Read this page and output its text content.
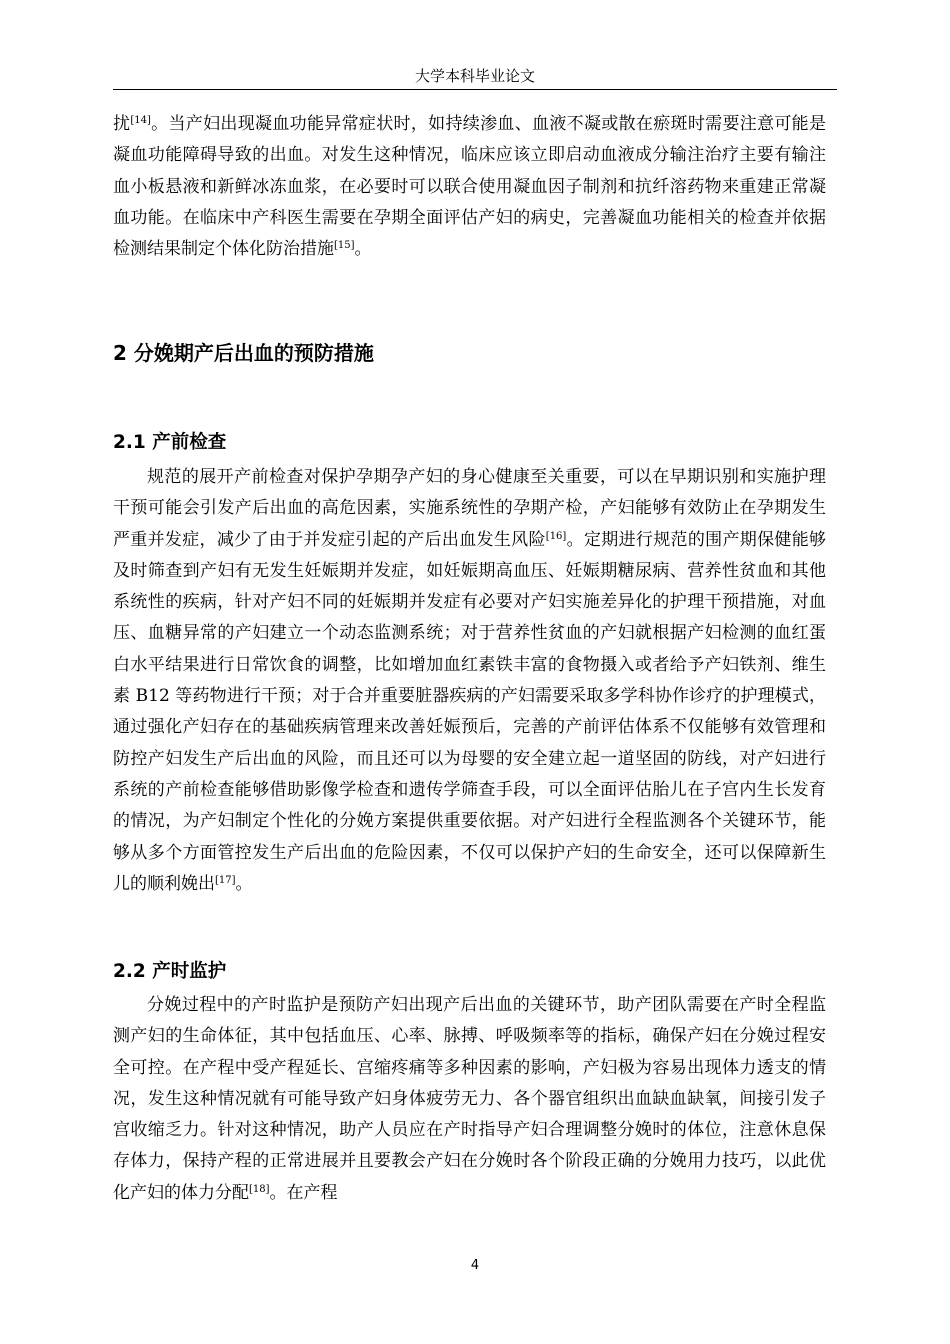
大学本科毕业论文

扰[14]。当产妇出现凝血功能异常症状时，如持续渗血、血液不凝或散在瘀斑时需要注意可能是凝血功能障碍导致的出血。对发生这种情况，临床应该立即启动血液成分输注治疗主要有输注血小板悬液和新鲜冰冻血浆，在必要时可以联合使用凝血因子制剂和抗纤溶药物来重建正常凝血功能。在临床中产科医生需要在孕期全面评估产妇的病史，完善凝血功能相关的检查并依据检测结果制定个体化防治措施[15]。

2 分娩期产后出血的预防措施
2.1 产前检查

规范的展开产前检查对保护孕期孕产妇的身心健康至关重要，可以在早期识别和实施护理干预可能会引发产后出血的高危因素，实施系统性的孕期产检，产妇能够有效防止在孕期发生严重并发症，减少了由于并发症引起的产后出血发生风险[16]。定期进行规范的围产期保健能够及时筛查到产妇有无发生妊娠期并发症，如妊娠期高血压、妊娠期糖尿病、营养性贫血和其他系统性的疾病，针对产妇不同的妊娠期并发症有必要对产妇实施差异化的护理干预措施，对血压、血糖异常的产妇建立一个动态监测系统；对于营养性贫血的产妇就根据产妇检测的血红蛋白水平结果进行日常饮食的调整，比如增加血红素铁丰富的食物摄入或者给予产妇铁剂、维生素 B12 等药物进行干预；对于合并重要脏器疾病的产妇需要采取多学科协作诊疗的护理模式，通过强化产妇存在的基础疾病管理来改善妊娠预后，完善的产前评估体系不仅能够有效管理和防控产妇发生产后出血的风险，而且还可以为母婴的安全建立起一道坚固的防线，对产妇进行系统的产前检查能够借助影像学检查和遗传学筛查手段，可以全面评估胎儿在子宫内生长发育的情况，为产妇制定个性化的分娩方案提供重要依据。对产妇进行全程监测各个关键环节，能够从多个方面管控发生产后出血的危险因素，不仅可以保护产妇的生命安全，还可以保障新生儿的顺利娩出[17]。

2.2 产时监护

分娩过程中的产时监护是预防产妇出现产后出血的关键环节，助产团队需要在产时全程监测产妇的生命体征，其中包括血压、心率、脉搏、呼吸频率等的指标，确保产妇在分娩过程安全可控。在产程中受产程延长、宫缩疼痛等多种因素的影响，产妇极为容易出现体力透支的情况，发生这种情况就有可能导致产妇身体疲劳无力、各个器官组织出血缺血缺氧，间接引发子宫收缩乏力。针对这种情况，助产人员应在产时指导产妇合理调整分娩时的体位，注意休息保存体力，保持产程的正常进展并且要教会产妇在分娩时各个阶段正确的分娩用力技巧，以此优化产妇的体力分配[18]。在产程

4
